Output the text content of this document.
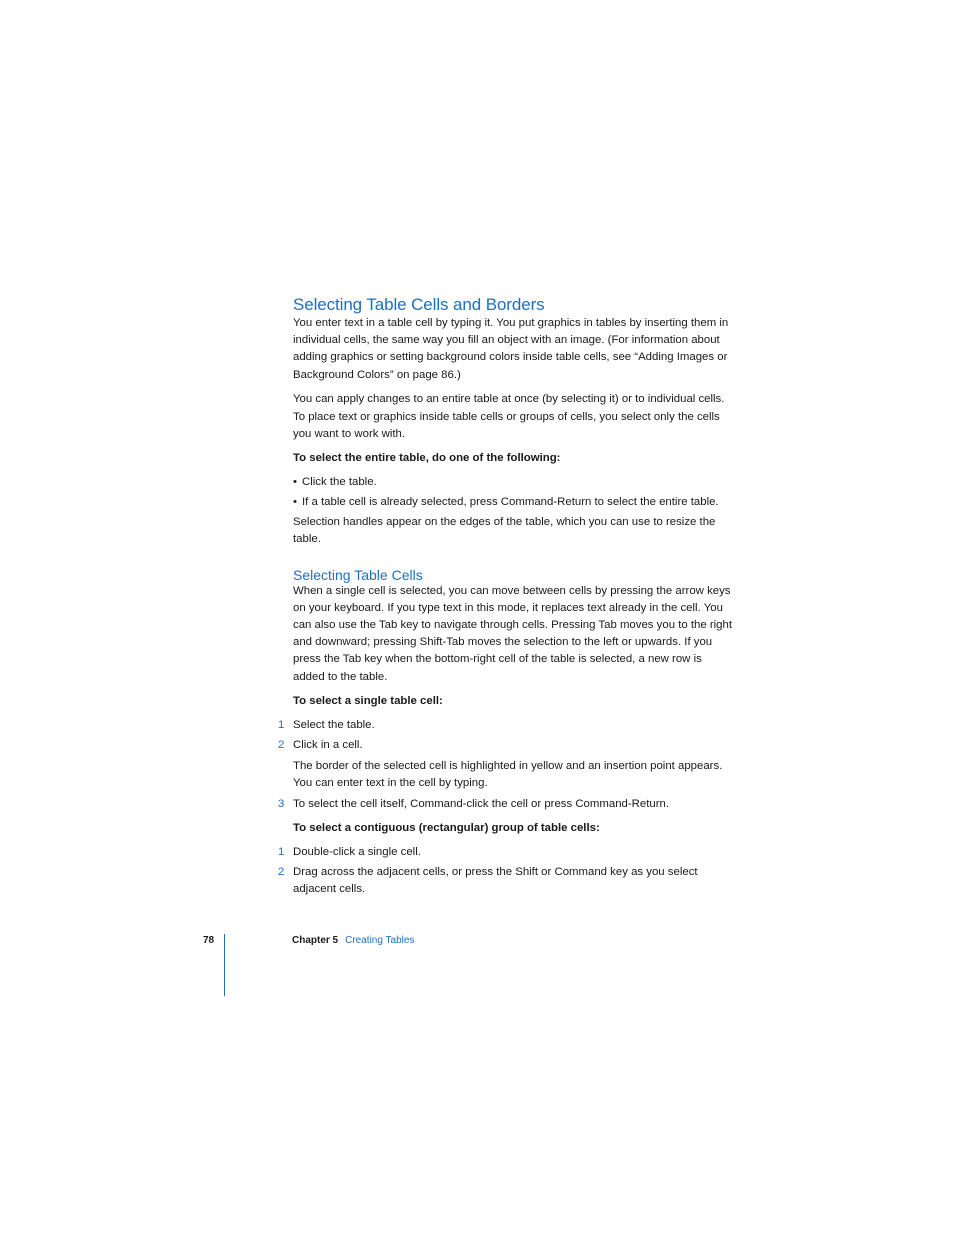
Selecting Table Cells and Borders

You enter text in a table cell by typing it. You put graphics in tables by inserting them in individual cells, the same way you fill an object with an image. (For information about adding graphics or setting background colors inside table cells, see “Adding Images or Background Colors” on page 86.)

You can apply changes to an entire table at once (by selecting it) or to individual cells. To place text or graphics inside table cells or groups of cells, you select only the cells you want to work with.

To select the entire table, do one of the following:

• Click the table.
• If a table cell is already selected, press Command-Return to select the entire table.

Selection handles appear on the edges of the table, which you can use to resize the table.

Selecting Table Cells

When a single cell is selected, you can move between cells by pressing the arrow keys on your keyboard. If you type text in this mode, it replaces text already in the cell. You can also use the Tab key to navigate through cells. Pressing Tab moves you to the right and downward; pressing Shift-Tab moves the selection to the left or upwards. If you press the Tab key when the bottom-right cell of the table is selected, a new row is added to the table.

To select a single table cell:

1 Select the table.
2 Click in a cell.

The border of the selected cell is highlighted in yellow and an insertion point appears. You can enter text in the cell by typing.

3 To select the cell itself, Command-click the cell or press Command-Return.

To select a contiguous (rectangular) group of table cells:

1 Double-click a single cell.
2 Drag across the adjacent cells, or press the Shift or Command key as you select adjacent cells.
78	Chapter 5 Creating Tables
